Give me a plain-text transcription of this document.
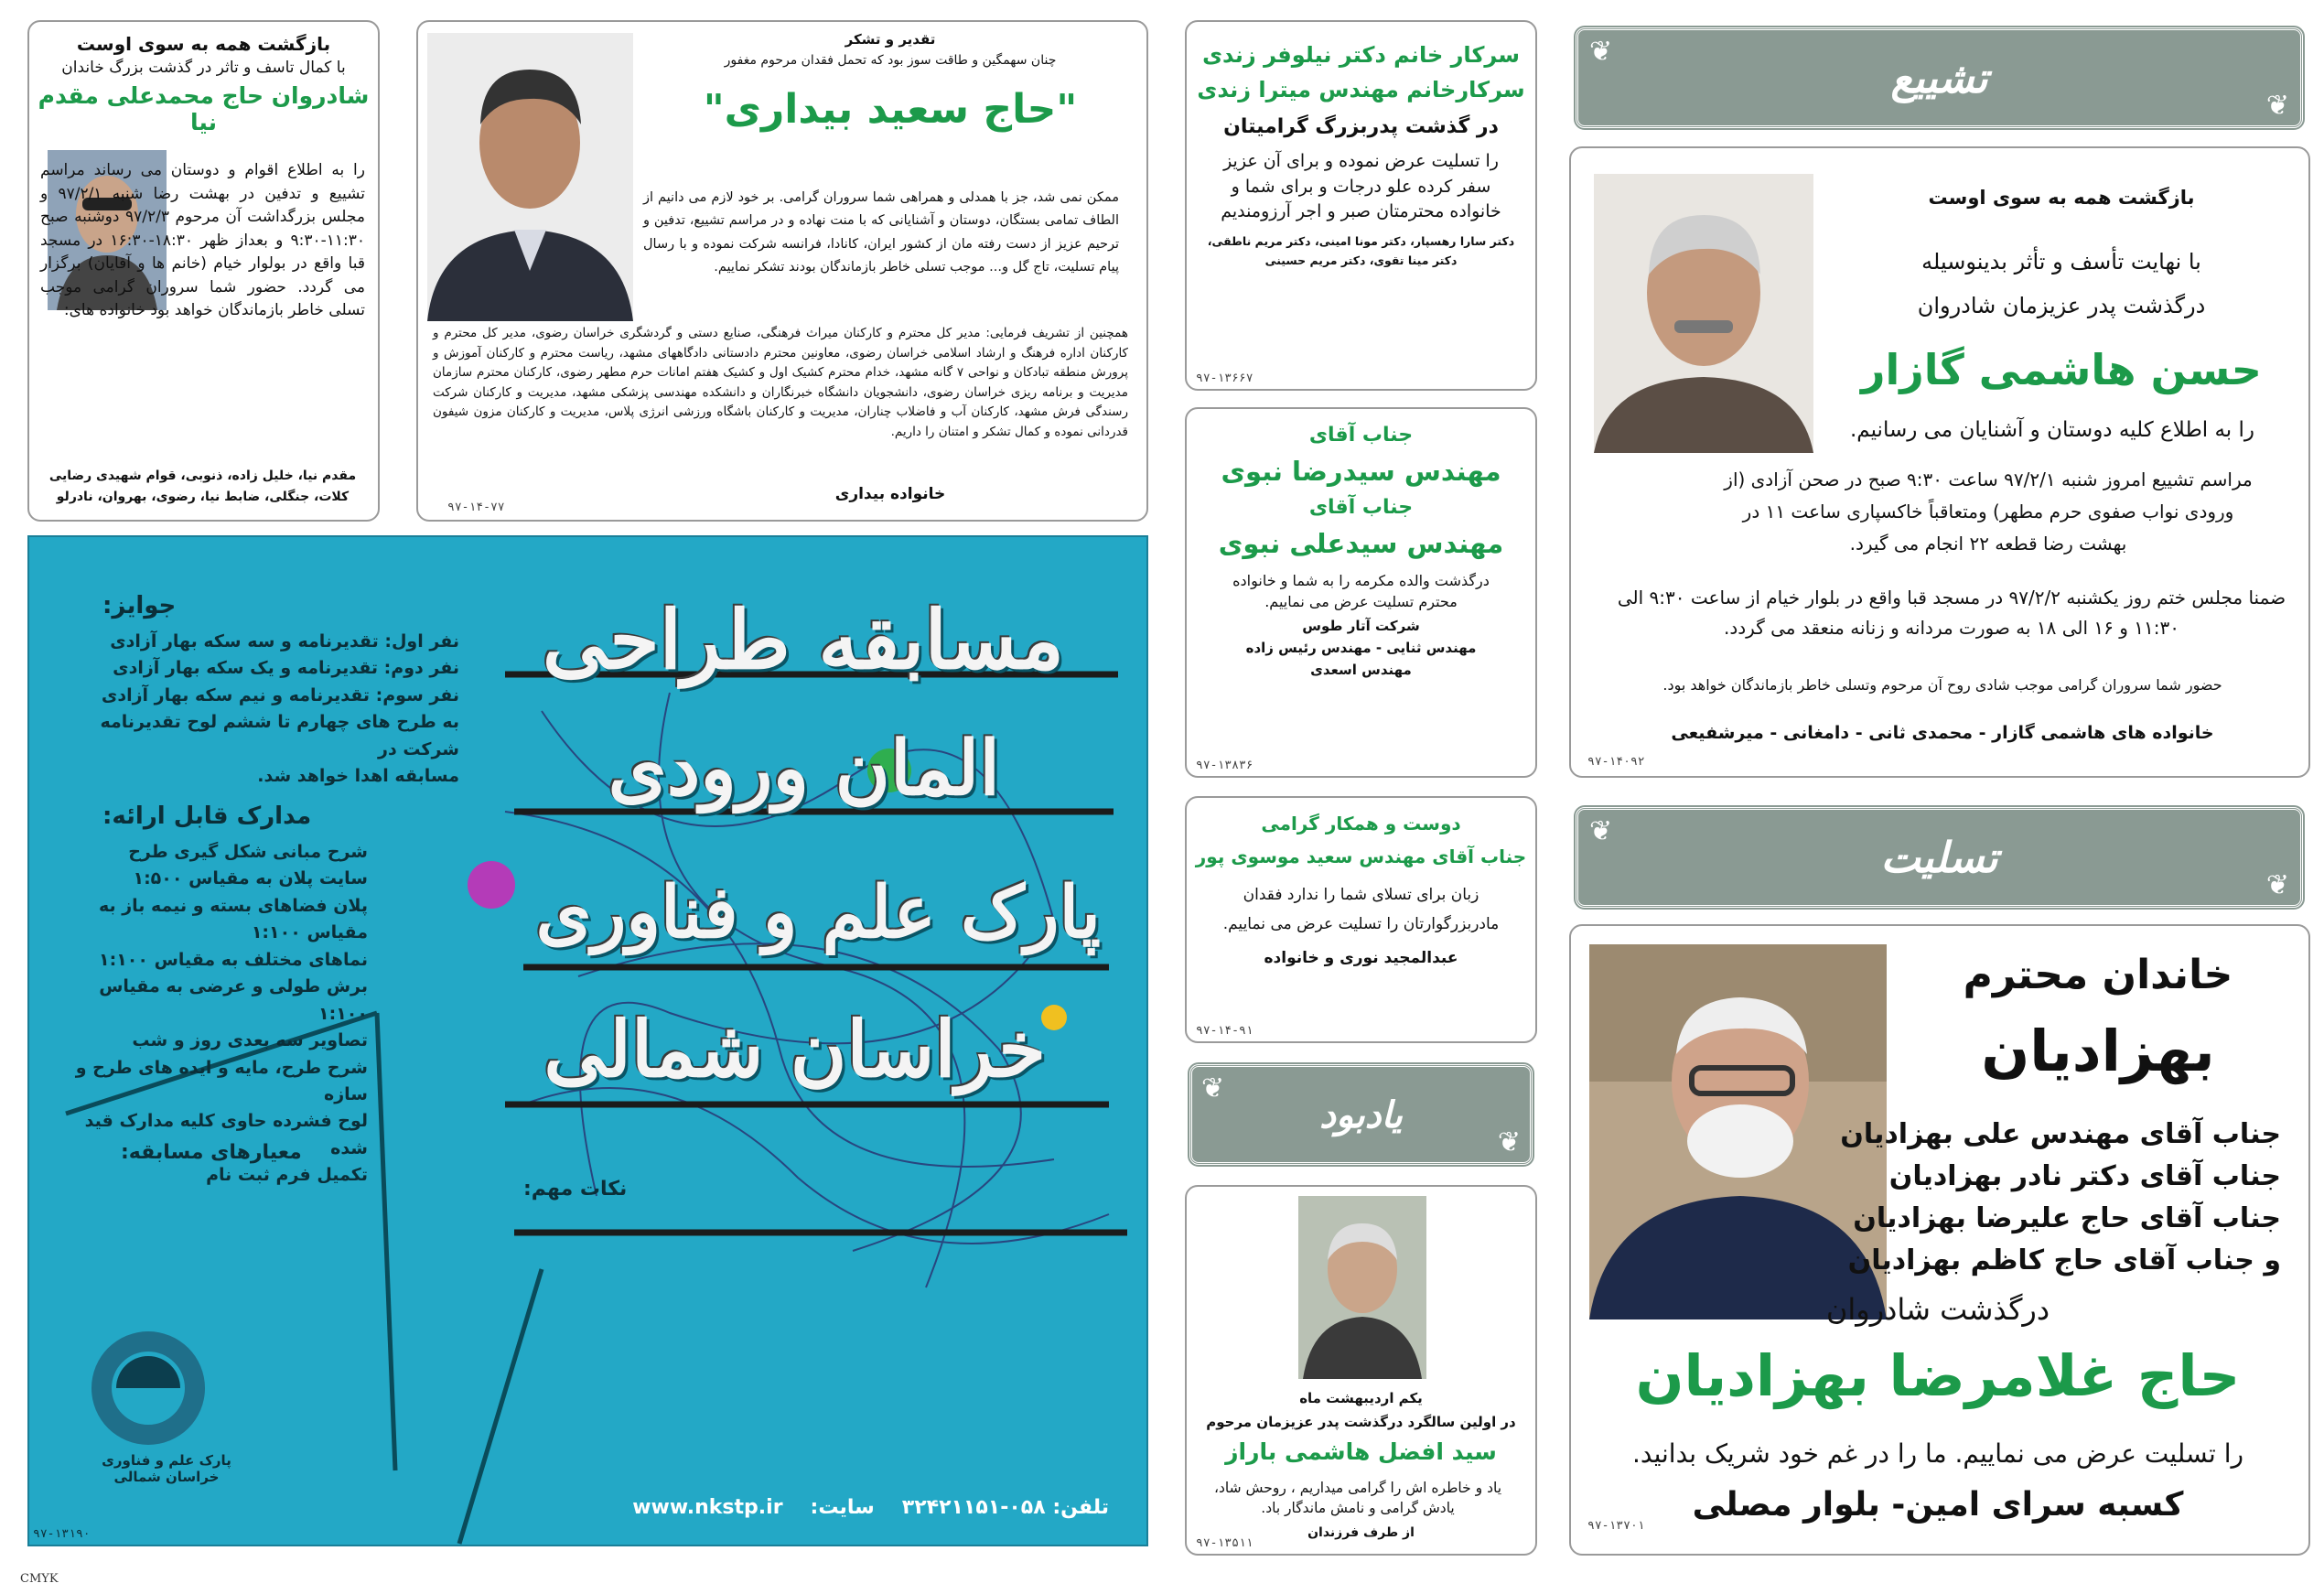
بازگشت همه به سوی اوست
با کمال تاسف و تاثر در گذشت بزرگ خاندان
شادروان حاج محمدعلی مقدم نیا

را به اطلاع اقوام و دوستان می رساند مراسم تشییع و تدفین در بهشت رضا شنبه ۹۷/۲/۱ و مجلس بزرگداشت آن مرحوم ۹۷/۲/۳ دوشنبه صبح ۱۱:۳۰-۹:۳۰ و بعداز ظهر ۱۸:۳۰-۱۶:۳۰ در مسجد قبا واقع در بولوار خیام (خانم ها و آقایان) برگزار می گردد. حضور شما سروران گرامی موجب تسلی خاطر بازماندگان خواهد بود خانواده های:

مقدم نیا، خلیل زاده، ذنوبی، قوام شهیدی رضایی کلات، جنگلی، ضابط نیا، رضوی، بهروان، نادرلو

تقدیر و تشکر
چنان سهمگین و طاقت سوز بود که تحمل فقدان مرحوم مغفور
"حاج سعید بیداری"

ممکن نمی شد، جز با همدلی و همراهی شما سروران گرامی. بر خود لازم می دانیم از الطاف تمامی بستگان، دوستان و آشنایانی که با منت نهاده و در مراسم تشییع، تدفین و ترحیم عزیز از دست رفته مان از کشور ایران، کانادا، فرانسه شرکت نموده و با رسال پیام تسلیت، تاج گل و... موجب تسلی خاطر بازماندگان بودند تشکر نماییم.

همچنین از تشریف فرمایی: مدیر کل محترم و کارکنان میراث فرهنگی، صنایع دستی و گردشگری خراسان رضوی، مدیر کل محترم و کارکنان اداره فرهنگ و ارشاد اسلامی خراسان رضوی، معاونین محترم دادستانی دادگاههای مشهد، ریاست محترم و کارکنان آموزش و پرورش منطقه تبادکان و نواحی ۷ گانه مشهد، خدام محترم کشیک اول و کشیک هفتم امانات حرم مطهر رضوی، کارکنان محترم سازمان مدیریت و برنامه ریزی خراسان رضوی، دانشجویان دانشگاه خبرنگاران و دانشکده مهندسی پزشکی مشهد، مدیریت و کارکنان شرکت رسندگی فرش مشهد، کارکنان آب و فاضلاب چناران، مدیریت و کارکنان باشگاه ورزشی انرژی پلاس، مدیریت و کارکنان مزون شیفون قدردانی نموده و کمال تشکر و امتنان را داریم.

خانواده بیداری
۹۷-۱۴-۷۷
مسابقه طراحی
المان ورودی
پارک علم و فناوری
خراسان شمالی
جوایز:
نفر اول: تقدیرنامه و سه سکه بهار آزادی
نفر دوم: تقدیرنامه و یک سکه بهار آزادی
نفر سوم: تقدیرنامه و نیم سکه بهار آزادی
به طرح های چهارم تا ششم لوح تقدیرنامه شرکت در
مسابقه اهدا خواهد شد.
مدارک قابل ارائه:
شرح مبانی شکل گیری طرح
سایت پلان به مقیاس ۱:۵۰۰
پلان فضاهای بسته و نیمه باز به مقیاس ۱:۱۰۰
نماهای مختلف به مقیاس ۱:۱۰۰
برش طولی و عرضی به مقیاس ۱:۱۰۰
تصاویر سه بعدی روز و شب
شرح طرح، مایه و ایده های طرح و سازه
لوح فشرده حاوی کلیه مدارک قید شده
تکمیل فرم ثبت نام
معیارهای مسابقه:
نکات مهم:
پارک علم و فناوری خراسان شمالی
تلفن: ۰۵۸-۳۲۴۲۱۱۵۱
سایت:
www.nkstp.ir
۹۷-۱۳۱۹۰
سرکار خانم دکتر نیلوفر زندی
سرکارخانم مهندس میترا زندی
در گذشت پدربزرگ گرامیتان

را تسلیت عرض نموده و برای آن عزیز سفر کرده علو درجات و برای شما و خانواده محترمتان صبر و اجر آرزومندیم

دکتر سارا رهسپار، دکتر مونا امینی، دکتر مریم ناطقی،
دکتر مینا تقوی، دکتر مریم حسینی
۹۷-۱۳۶۶۷
جناب آقای
مهندس سیدرضا نبوی
جناب آقای
مهندس سیدعلی نبوی

درگذشت والده مکرمه را به شما و خانواده محترم تسلیت عرض می نماییم.

شرکت آتار طوس
مهندس ثنایی - مهندس رئیس زاده
مهندس اسعدی
۹۷-۱۳۸۳۶
دوست و همکار گرامی
جناب آقای مهندس سعید موسوی پور

زبان برای تسلای شما را ندارد فقدان مادربزرگوارتان را تسلیت عرض می نماییم.

عبدالمجید نوری و خانواده
۹۷-۱۴-۹۱
❦
❦
یادبود
یکم اردیبهشت ماه
در اولین سالگرد درگذشت پدر عزیزمان مرحوم
سید افضل هاشمی باراز

یاد و خاطره اش را گرامی میداریم ، روحش شاد، یادش گرامی و نامش ماندگار باد.

از طرف فرزندان
۹۷-۱۳۵۱۱
❦
❦
تشییع
بازگشت همه به سوی اوست
با نهایت تأسف و تأثر بدینوسیله
درگذشت پدر عزیزمان شادروان
حسن هاشمی گازار
را به اطلاع کلیه دوستان و آشنایان می رسانیم.

مراسم تشییع امروز شنبه ۹۷/۲/۱ ساعت ۹:۳۰ صبح در صحن آزادی (از ورودی نواب صفوی حرم مطهر) ومتعاقباً خاکسپاری ساعت ۱۱ در بهشت رضا قطعه ۲۲ انجام می گیرد.

ضمنا مجلس ختم روز یکشنبه ۹۷/۲/۲ در مسجد قبا واقع در بلوار خیام از ساعت ۹:۳۰ الی ۱۱:۳۰ و ۱۶ الی ۱۸ به صورت مردانه و زنانه منعقد می گردد.

حضور شما سروران گرامی موجب شادی روح آن مرحوم وتسلی خاطر بازماندگان خواهد بود.

خانواده های هاشمی گازار - محمدی ثانی - دامغانی - میرشفیعی
۹۷-۱۴۰۹۲
❦
❦
تسلیت
خاندان محترم
بهزادیان
جناب آقای مهندس علی بهزادیان
جناب آقای دکتر نادر بهزادیان
جناب آقای حاج علیرضا بهزادیان
و جناب آقای حاج کاظم بهزادیان
درگذشت شادروان
حاج غلامرضا بهزادیان
را تسلیت عرض می نماییم. ما را در غم خود شریک بدانید.
کسبه سرای امین- بلوار مصلی
۹۷-۱۳۷۰۱
CMYK
